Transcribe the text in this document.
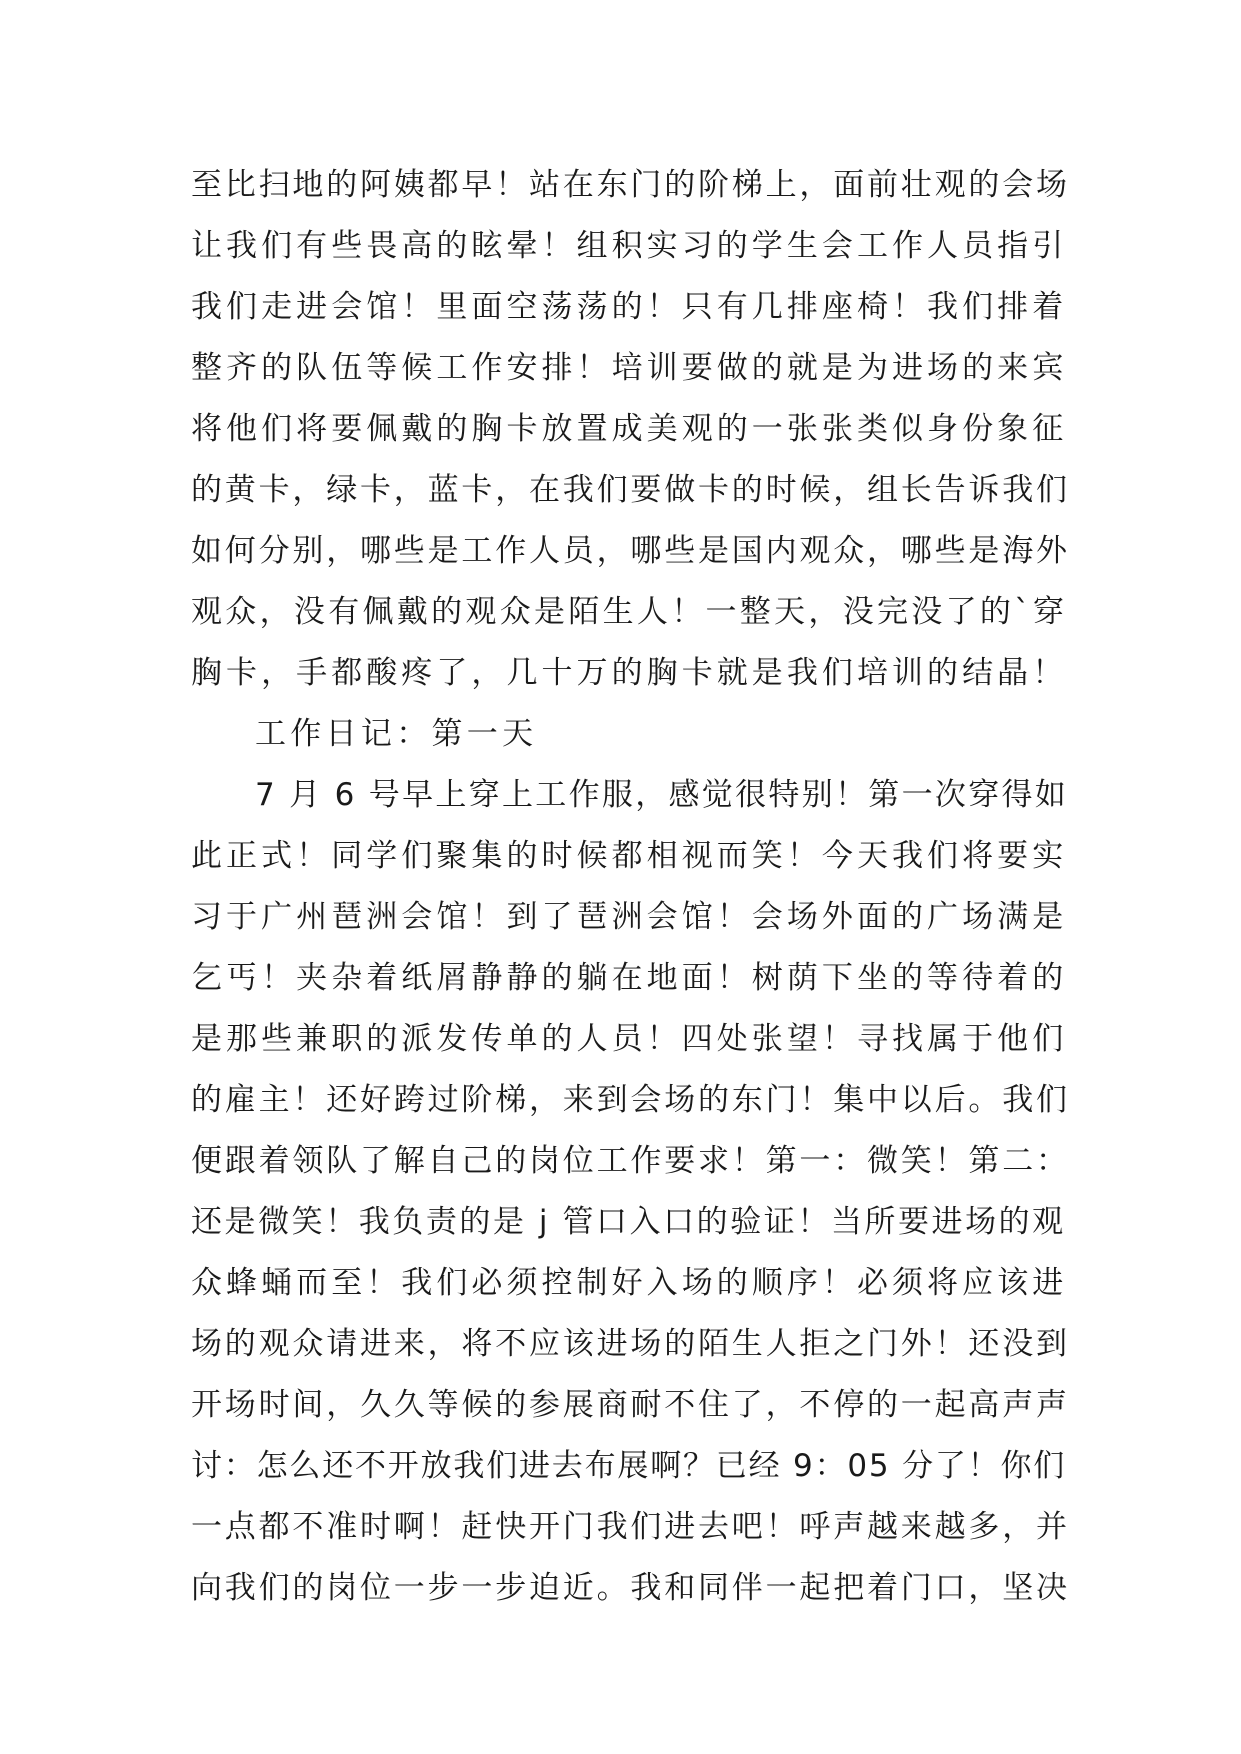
至比扫地的阿姨都早！站在东门的阶梯上，面前壮观的会场
让我们有些畏高的眩晕！组积实习的学生会工作人员指引
我们走进会馆！里面空荡荡的！只有几排座椅！我们排着
整齐的队伍等候工作安排！培训要做的就是为进场的来宾
将他们将要佩戴的胸卡放置成美观的一张张类似身份象征
的黄卡，绿卡，蓝卡，在我们要做卡的时候，组长告诉我们
如何分别，哪些是工作人员，哪些是国内观众，哪些是海外
观众，没有佩戴的观众是陌生人！一整天，没完没了的`穿
胸卡，手都酸疼了，几十万的胸卡就是我们培训的结晶！
工作日记：第一天
7 月 6 号早上穿上工作服，感觉很特别！第一次穿得如
此正式！同学们聚集的时候都相视而笑！今天我们将要实
习于广州琶洲会馆！到了琶洲会馆！会场外面的广场满是
乞丐！夹杂着纸屑静静的躺在地面！树荫下坐的等待着的
是那些兼职的派发传单的人员！四处张望！寻找属于他们
的雇主！还好跨过阶梯，来到会场的东门！集中以后。我们
便跟着领队了解自己的岗位工作要求！第一：微笑！第二：
还是微笑！我负责的是 j 管口入口的验证！当所要进场的观
众蜂蛹而至！我们必须控制好入场的顺序！必须将应该进
场的观众请进来，将不应该进场的陌生人拒之门外！还没到
开场时间，久久等候的参展商耐不住了，不停的一起高声声
讨：怎么还不开放我们进去布展啊？已经 9：05 分了！你们
一点都不准时啊！赶快开门我们进去吧！呼声越来越多，并
向我们的岗位一步一步迫近。我和同伴一起把着门口，坚决
